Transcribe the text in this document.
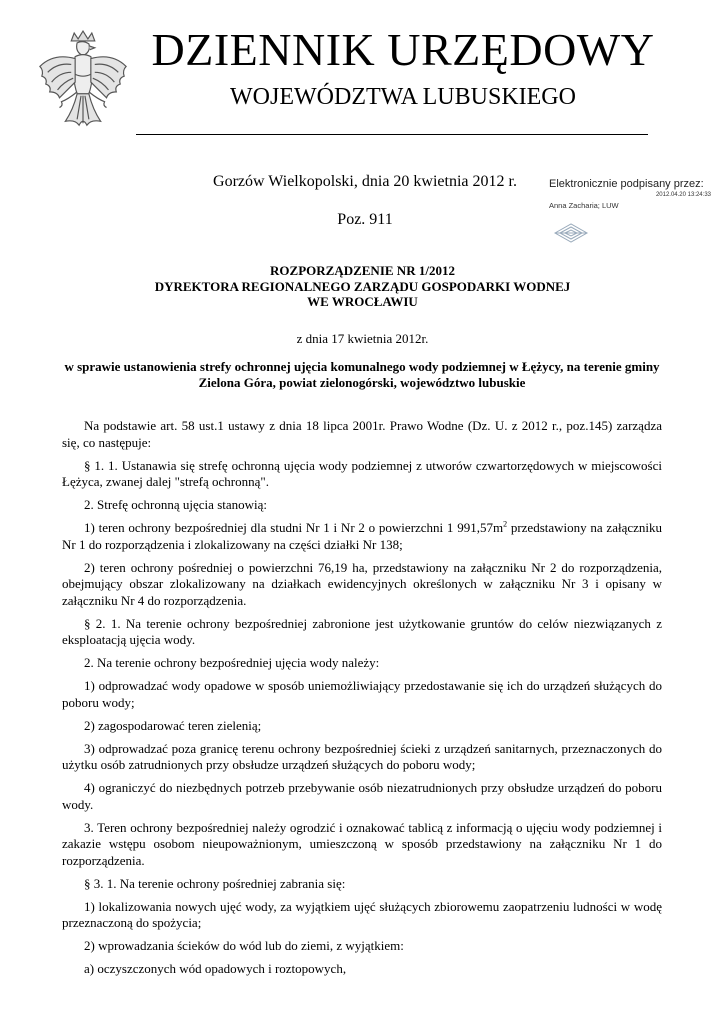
DZIENNIK URZĘDOWY
WOJEWÓDZTWA LUBUSKIEGO
Gorzów Wielkopolski, dnia 20 kwietnia 2012 r.
Poz. 911
Elektronicznie podpisany przez:
2012.04.20 13:24:33
Anna Zacharia; LUW
ROZPORZĄDZENIE NR 1/2012
DYREKTORA REGIONALNEGO ZARZĄDU GOSPODARKI WODNEJ
WE WROCŁAWIU
z dnia 17 kwietnia 2012r.
w sprawie ustanowienia strefy ochronnej ujęcia komunalnego wody podziemnej w Łężycy, na terenie gminy Zielona Góra, powiat zielonogórski, województwo lubuskie

Na podstawie art. 58 ust.1 ustawy z dnia 18 lipca 2001r. Prawo Wodne (Dz. U. z 2012 r., poz.145) zarządza się, co następuje:

§ 1. 1. Ustanawia się strefę ochronną ujęcia wody podziemnej z utworów czwartorzędowych w miejscowości Łężyca, zwanej dalej "strefą ochronną".

2. Strefę ochronną ujęcia stanowią:

1) teren ochrony bezpośredniej dla studni Nr 1 i Nr 2 o powierzchni 1 $991,57m^2$ przedstawiony na załączniku Nr 1 do rozporządzenia i zlokalizowany na części działki Nr 138;

2) teren ochrony pośredniej o powierzchni 76,19 ha, przedstawiony na załączniku Nr 2 do rozporządzenia, obejmujący obszar zlokalizowany na działkach ewidencyjnych określonych w załączniku Nr 3 i opisany w załączniku Nr 4 do rozporządzenia.

§ 2. 1. Na terenie ochrony bezpośredniej zabronione jest użytkowanie gruntów do celów niezwiązanych z eksploatacją ujęcia wody.

2. Na terenie ochrony bezpośredniej ujęcia wody należy:

1) odprowadzać wody opadowe w sposób uniemożliwiający przedostawanie się ich do urządzeń służących do poboru wody;

2) zagospodarować teren zielenią;

3) odprowadzać poza granicę terenu ochrony bezpośredniej ścieki z urządzeń sanitarnych, przeznaczonych do użytku osób zatrudnionych przy obsłudze urządzeń służących do poboru wody;

4) ograniczyć do niezbędnych potrzeb przebywanie osób niezatrudnionych przy obsłudze urządzeń do poboru wody.

3. Teren ochrony bezpośredniej należy ogrodzić i oznakować tablicą z informacją o ujęciu wody podziemnej i zakazie wstępu osobom nieupoważnionym, umieszczoną w sposób przedstawiony na załączniku Nr 1 do rozporządzenia.

§ 3. 1. Na terenie ochrony pośredniej zabrania się:

1) lokalizowania nowych ujęć wody, za wyjątkiem ujęć służących zbiorowemu zaopatrzeniu ludności w wodę przeznaczoną do spożycia;

2) wprowadzania ścieków do wód lub do ziemi, z wyjątkiem:

a) oczyszczonych wód opadowych i roztopowych,
